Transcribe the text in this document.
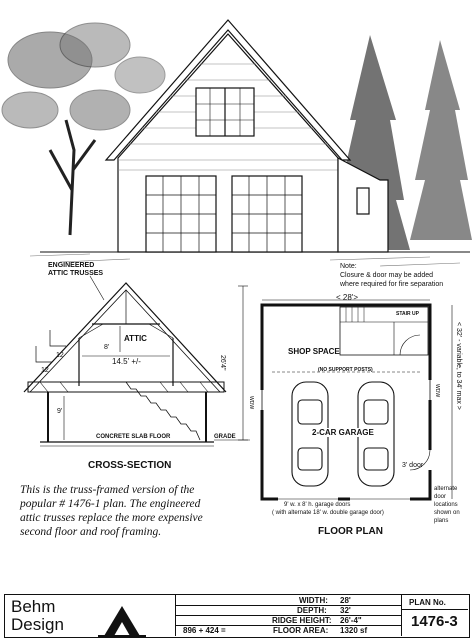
ENGINEERED
ATTIC TRUSSES
12
12
ATTIC
8'
14.5' +/-	26'4"
9'
CONCRETE SLAB FLOOR	GRADE
CROSS-SECTION
Note:
Closure & door may be added
where required for fire separation
< 28'>
STAIR UP
SHOP SPACE
(NO SUPPORT POSTS)
2-CAR GARAGE
< 32' - variable, to 34' max >
3' door
9' w. x 8' h. garage doors
( with alternate 18' w. double garage door)
alternate
door
locations
shown on
plans
WDW
WDW
FLOOR PLAN
This is the truss-framed version of the
popular # 1476-1 plan. The engineered
attic trusses replace the more expensive
second floor and roof framing.
Behm
Design
WIDTH: 28'
DEPTH: 32'
RIDGE HEIGHT: 26'-4"
896 + 424 =	FLOOR AREA: 1320 sf
PLAN No.
1476-3
